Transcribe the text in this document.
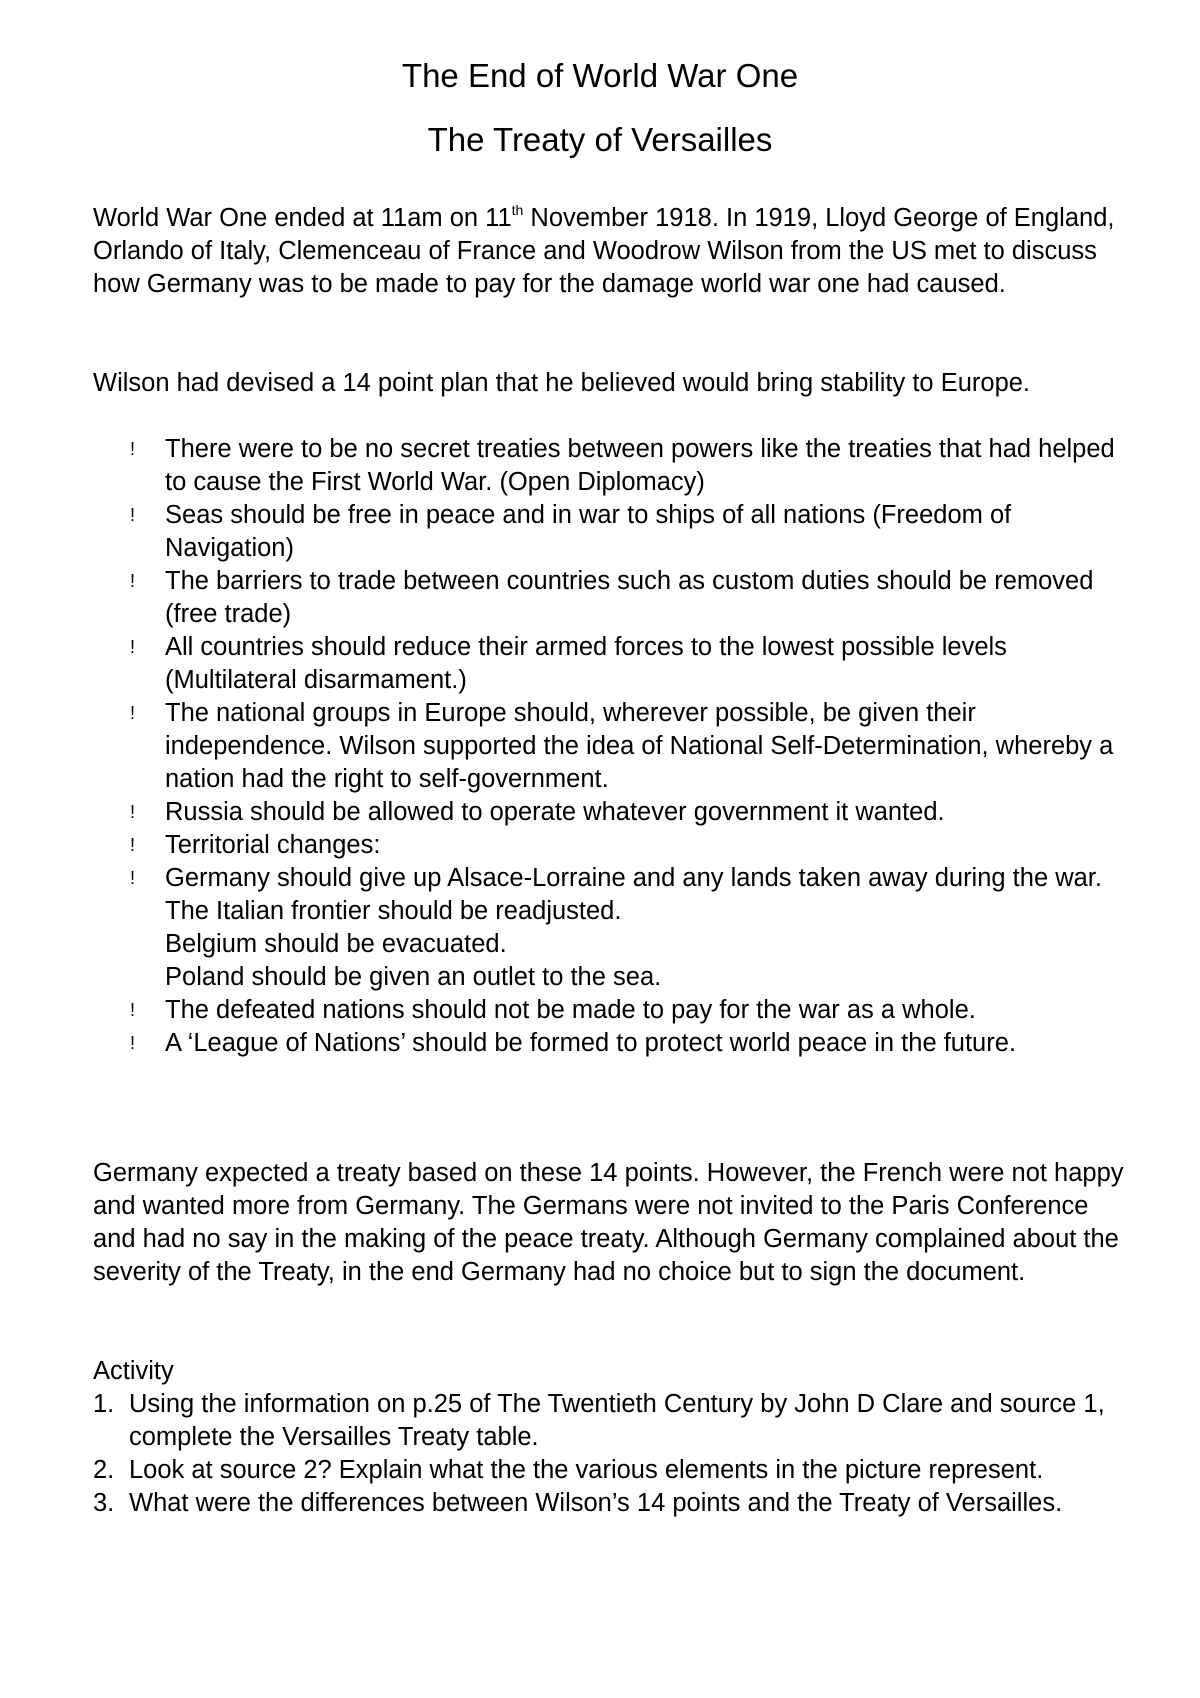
The End of World War One
The Treaty of Versailles

World War One ended at 11am on 11th November 1918. In 1919, Lloyd George of England, Orlando of Italy, Clemenceau of France and Woodrow Wilson from the US met to discuss how Germany was to be made to pay for the damage world war one had caused.

Wilson had devised a 14 point plan that he believed would bring stability to Europe.

! There were to be no secret treaties between powers like the treaties that had helped to cause the First World War. (Open Diplomacy)
! Seas should be free in peace and in war to ships of all nations (Freedom of Navigation)
! The barriers to trade between countries such as custom duties should be removed (free trade)
! All countries should reduce their armed forces to the lowest possible levels (Multilateral disarmament.)
! The national groups in Europe should, wherever possible, be given their independence. Wilson supported the idea of National Self-Determination, whereby a nation had the right to self-government.
! Russia should be allowed to operate whatever government it wanted.
! Territorial changes:
! Germany should give up Alsace-Lorraine and any lands taken away during the war.
The Italian frontier should be readjusted.
Belgium should be evacuated.
Poland should be given an outlet to the sea.
! The defeated nations should not be made to pay for the war as a whole.
! A ‘League of Nations’ should be formed to protect world peace in the future.

Germany expected a treaty based on these 14 points. However, the French were not happy and wanted more from Germany. The Germans were not invited to the Paris Conference and had no say in the making of the peace treaty. Although Germany complained about the severity of the Treaty, in the end Germany had no choice but to sign the document.

Activity

1. Using the information on p.25 of The Twentieth Century by John D Clare and source 1, complete the Versailles Treaty table.
2. Look at source 2? Explain what the the various elements in the picture represent.
3. What were the differences between Wilson’s 14 points and the Treaty of Versailles.
